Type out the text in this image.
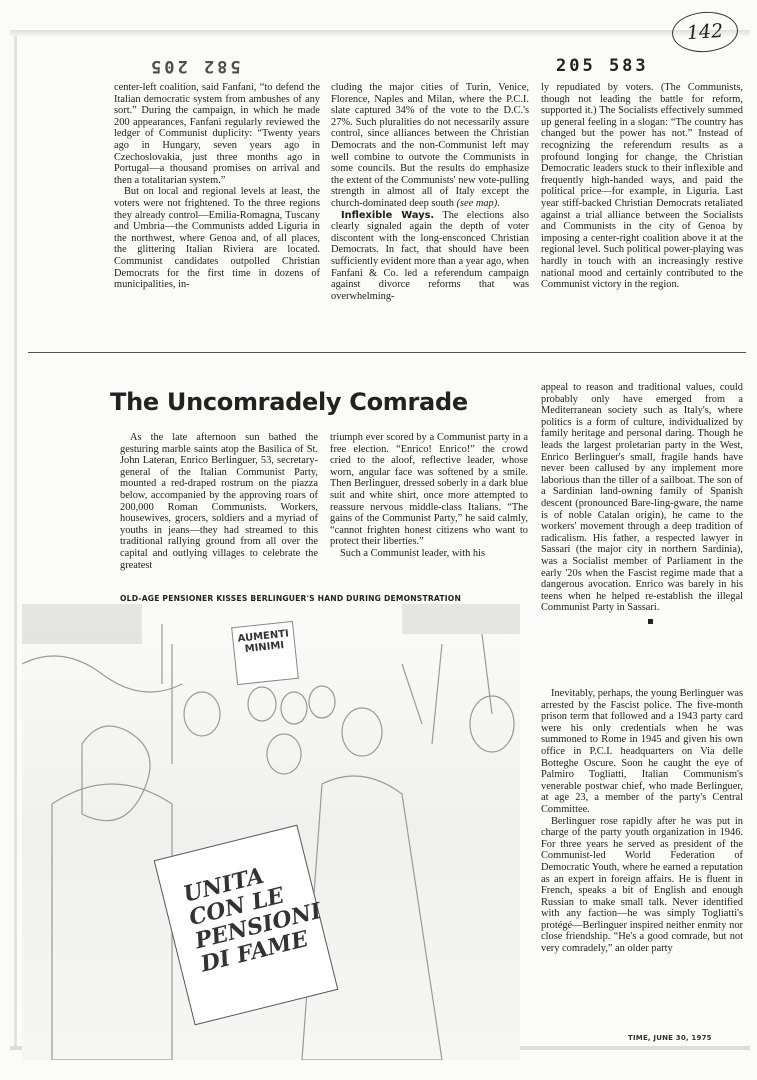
142
582 205	205 583

center-left coalition, said Fanfani, “to defend the Italian democratic system from ambushes of any sort.” During the campaign, in which he made 200 appearances, Fanfani regularly reviewed the ledger of Communist duplicity: “Twenty years ago in Hungary, seven years ago in Czechoslovakia, just three months ago in Portugal—a thousand promises on arrival and then a totalitarian system.”

But on local and regional levels at least, the voters were not frightened. To the three regions they already control—Emilia-Romagna, Tuscany and Umbria—the Communists added Liguria in the northwest, where Genoa and, of all places, the glittering Italian Riviera are located. Communist candidates outpolled Christian Democrats for the first time in dozens of municipalities, in-

cluding the major cities of Turin, Venice, Florence, Naples and Milan, where the P.C.I. slate captured 34% of the vote to the D.C.'s 27%. Such pluralities do not necessarily assure control, since alliances between the Christian Democrats and the non-Communist left may well combine to outvote the Communists in some councils. But the results do emphasize the extent of the Communists' new vote-pulling strength in almost all of Italy except the church-dominated deep south (see map).

Inflexible Ways. The elections also clearly signaled again the depth of voter discontent with the long-ensconced Christian Democrats. In fact, that should have been sufficiently evident more than a year ago, when Fanfani & Co. led a referendum campaign against divorce reforms that was overwhelming-

ly repudiated by voters. (The Communists, though not leading the battle for reform, supported it.) The Socialists effectively summed up general feeling in a slogan: “The country has changed but the power has not.” Instead of recognizing the referendum results as a profound longing for change, the Christian Democratic leaders stuck to their inflexible and frequently high-handed ways, and paid the political price—for example, in Liguria. Last year stiff-backed Christian Democrats retaliated against a trial alliance between the Socialists and Communists in the city of Genoa by imposing a center-right coalition above it at the regional level. Such political power-playing was hardly in touch with an increasingly restive national mood and certainly contributed to the Communist victory in the region.

The Uncomradely Comrade

As the late afternoon sun bathed the gesturing marble saints atop the Basilica of St. John Lateran, Enrico Berlinguer, 53, secretary-general of the Italian Communist Party, mounted a red-draped rostrum on the piazza below, accompanied by the approving roars of 200,000 Roman Communists. Workers, housewives, grocers, soldiers and a myriad of youths in jeans—they had streamed to this traditional rallying ground from all over the capital and outlying villages to celebrate the greatest

triumph ever scored by a Communist party in a free election. “Enrico! Enrico!” the crowd cried to the aloof, reflective leader, whose worn, angular face was softened by a smile. Then Berlinguer, dressed soberly in a dark blue suit and white shirt, once more attempted to reassure nervous middle-class Italians. “The gains of the Communist Party,” he said calmly, “cannot frighten honest citizens who want to protect their liberties.”

Such a Communist leader, with his

appeal to reason and traditional values, could probably only have emerged from a Mediterranean society such as Italy's, where politics is a form of culture, individualized by family heritage and personal daring. Though he leads the largest proletarian party in the West, Enrico Berlinguer's small, fragile hands have never been callused by any implement more laborious than the tiller of a sailboat. The son of a Sardinian land-owning family of Spanish descent (pronounced Bare-ling-gware, the name is of noble Catalan origin), he came to the workers' movement through a deep tradition of radicalism. His father, a respected lawyer in Sassari (the major city in northern Sardinia), was a Socialist member of Parliament in the early '20s when the Fascist regime made that a dangerous avocation. Enrico was barely in his teens when he helped re-establish the illegal Communist Party in Sassari.

Inevitably, perhaps, the young Berlinguer was arrested by the Fascist police. The five-month prison term that followed and a 1943 party card were his only credentials when he was summoned to Rome in 1945 and given his own office in P.C.I. headquarters on Via delle Botteghe Oscure. Soon he caught the eye of Palmiro Togliatti, Italian Communism's venerable postwar chief, who made Berlinguer, at age 23, a member of the party's Central Committee.

Berlinguer rose rapidly after he was put in charge of the party youth organization in 1946. For three years he served as president of the Communist-led World Federation of Democratic Youth, where he earned a reputation as an expert in foreign affairs. He is fluent in French, speaks a bit of English and enough Russian to make small talk. Never identified with any faction—he was simply Togliatti's protégé—Berlinguer inspired neither enmity nor close friendship. “He's a good comrade, but not very comradely,” an older party

OLD-AGE PENSIONER KISSES BERLINGUER'S HAND DURING DEMONSTRATION
AUMENTI MINIMI
UNITA CON LE PENSIONI DI FAME
TIME, JUNE 30, 1975
